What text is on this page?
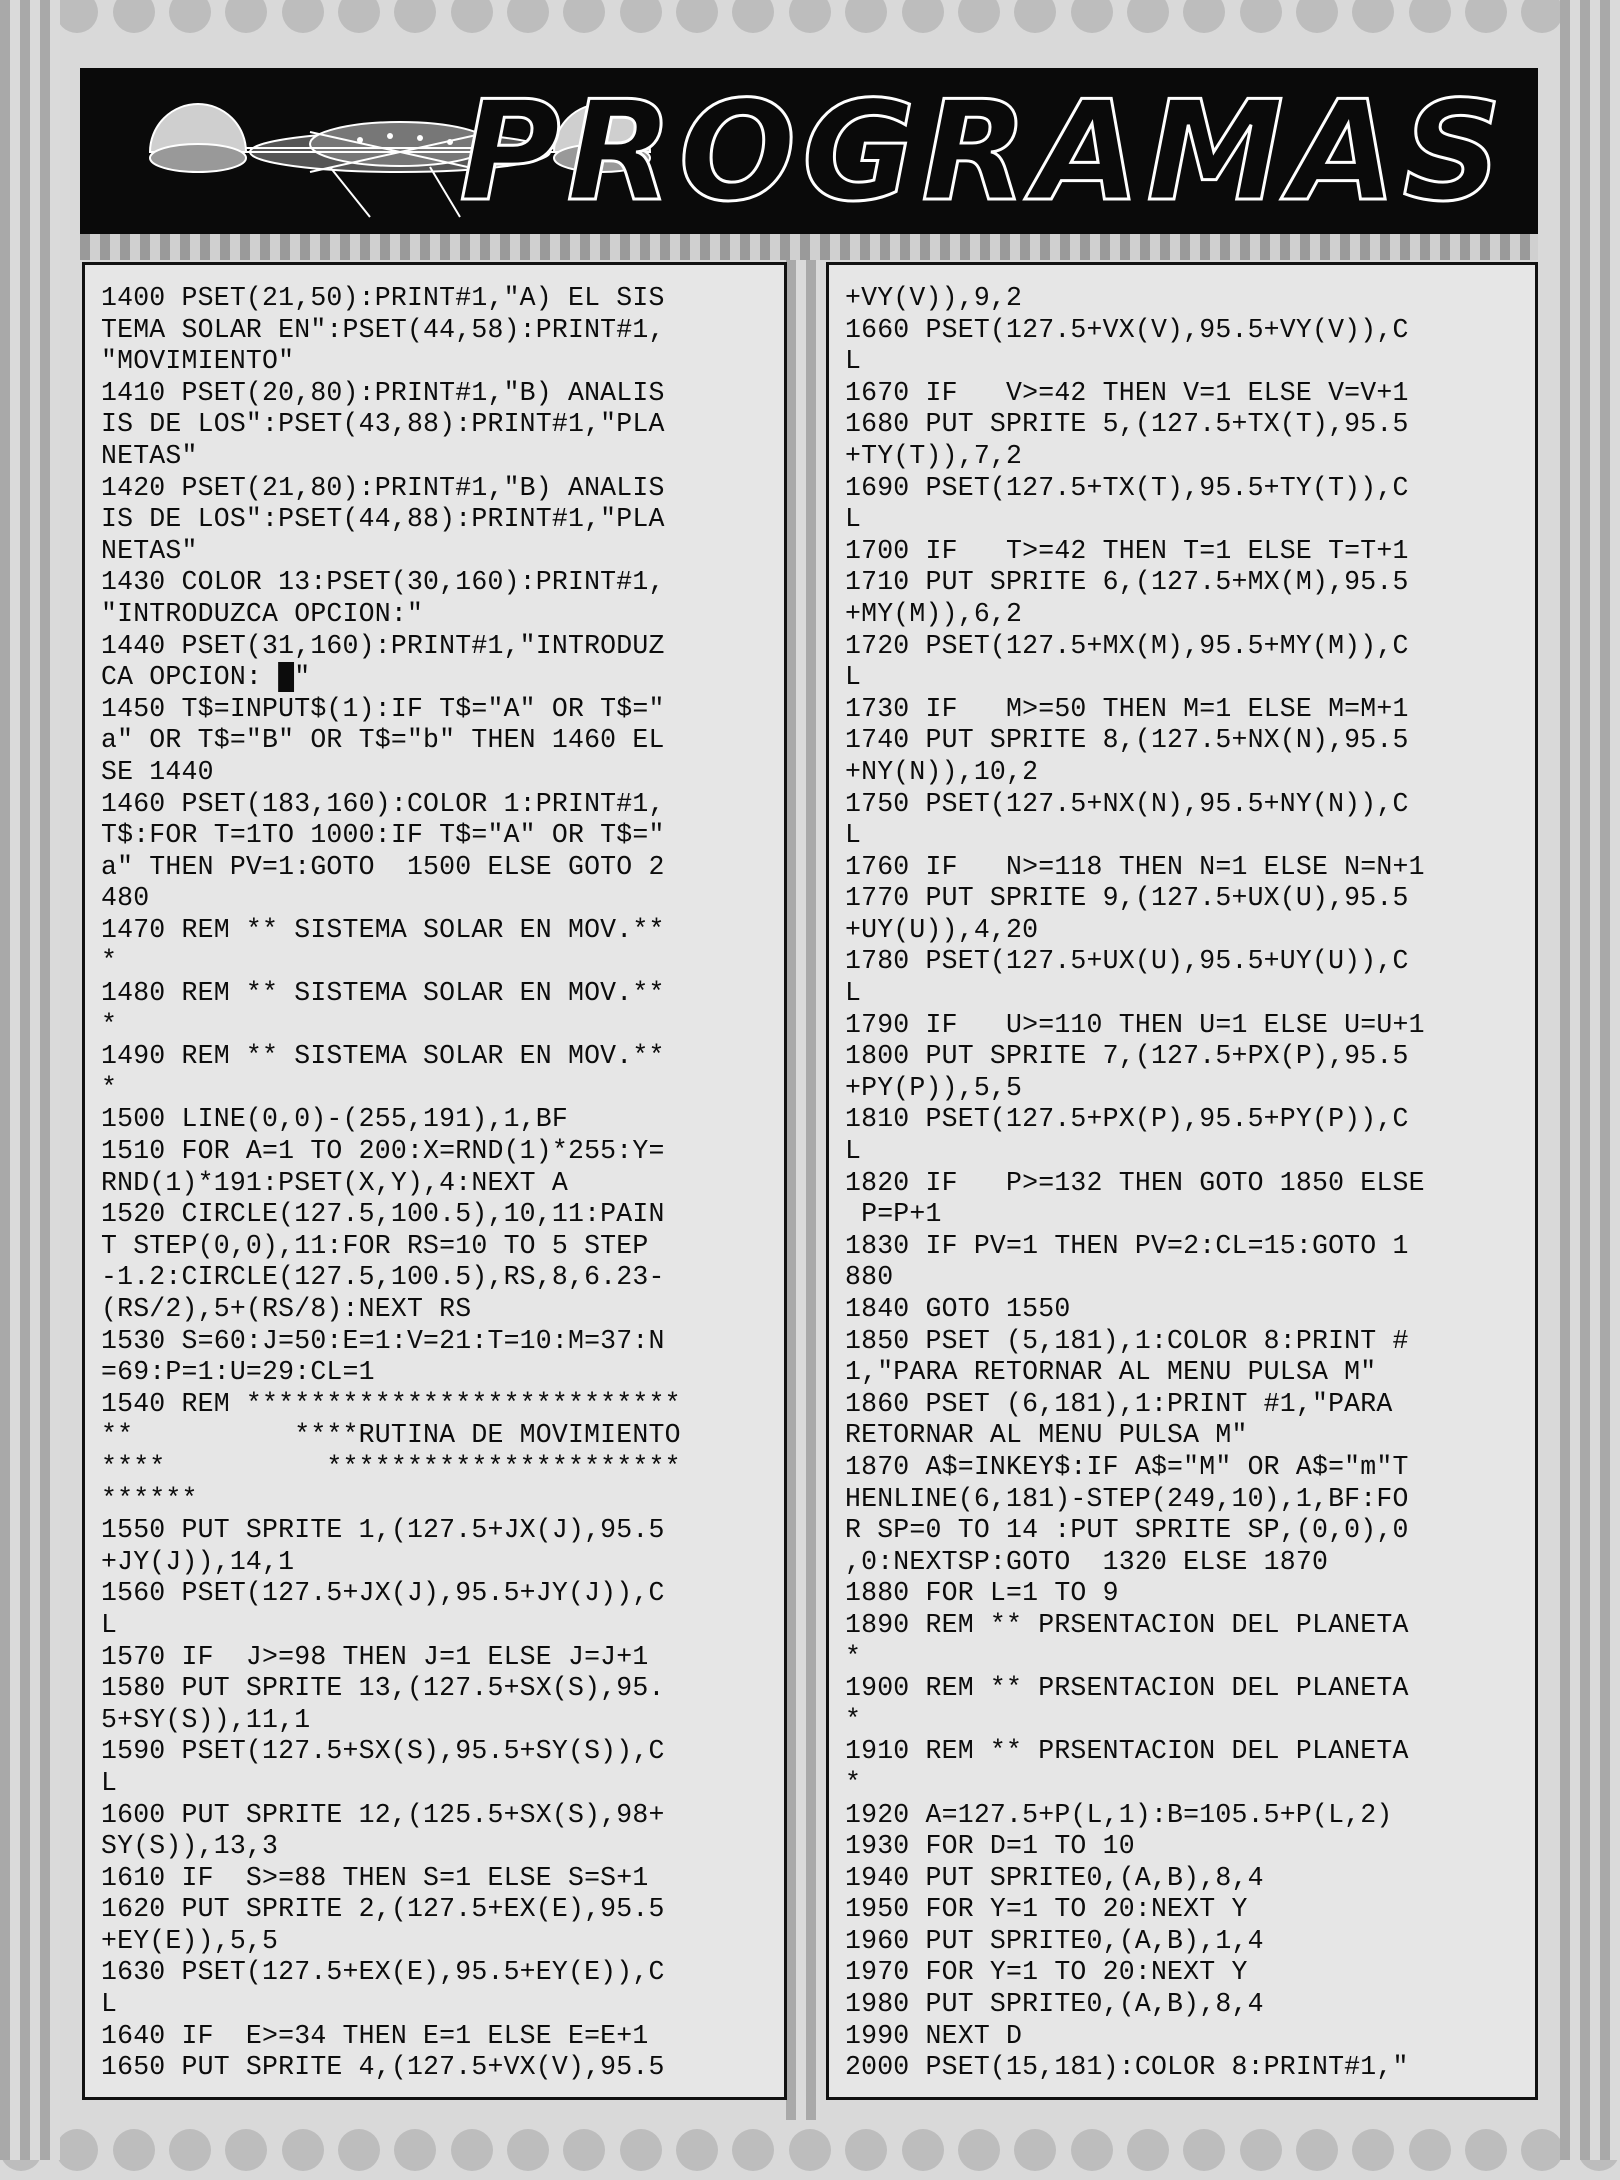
PROGRAMAS
1400 PSET(21,50):PRINT#1,"A) EL SIS
TEMA SOLAR EN":PSET(44,58):PRINT#1,
"MOVIMIENTO"
1410 PSET(20,80):PRINT#1,"B) ANALIS
IS DE LOS":PSET(43,88):PRINT#1,"PLA
NETAS"
1420 PSET(21,80):PRINT#1,"B) ANALIS
IS DE LOS":PSET(44,88):PRINT#1,"PLA
NETAS"
1430 COLOR 13:PSET(30,160):PRINT#1,
"INTRODUZCA OPCION:"
1440 PSET(31,160):PRINT#1,"INTRODUZ
CA OPCION: █"
1450 T$=INPUT$(1):IF T$="A" OR T$="
a" OR T$="B" OR T$="b" THEN 1460 EL
SE 1440
1460 PSET(183,160):COLOR 1:PRINT#1,
T$:FOR T=1TO 1000:IF T$="A" OR T$="
a" THEN PV=1:GOTO  1500 ELSE GOTO 2
480
1470 REM ** SISTEMA SOLAR EN MOV.**
*
1480 REM ** SISTEMA SOLAR EN MOV.**
*
1490 REM ** SISTEMA SOLAR EN MOV.**
*
1500 LINE(0,0)-(255,191),1,BF
1510 FOR A=1 TO 200:X=RND(1)*255:Y=
RND(1)*191:PSET(X,Y),4:NEXT A
1520 CIRCLE(127.5,100.5),10,11:PAIN
T STEP(0,0),11:FOR RS=10 TO 5 STEP
-1.2:CIRCLE(127.5,100.5),RS,8,6.23-
(RS/2),5+(RS/8):NEXT RS
1530 S=60:J=50:E=1:V=21:T=10:M=37:N
=69:P=1:U=29:CL=1
1540 REM ***************************
**          ****RUTINA DE MOVIMIENTO
****          **********************
******
1550 PUT SPRITE 1,(127.5+JX(J),95.5
+JY(J)),14,1
1560 PSET(127.5+JX(J),95.5+JY(J)),C
L
1570 IF  J>=98 THEN J=1 ELSE J=J+1
1580 PUT SPRITE 13,(127.5+SX(S),95.
5+SY(S)),11,1
1590 PSET(127.5+SX(S),95.5+SY(S)),C
L
1600 PUT SPRITE 12,(125.5+SX(S),98+
SY(S)),13,3
1610 IF  S>=88 THEN S=1 ELSE S=S+1
1620 PUT SPRITE 2,(127.5+EX(E),95.5
+EY(E)),5,5
1630 PSET(127.5+EX(E),95.5+EY(E)),C
L
1640 IF  E>=34 THEN E=1 ELSE E=E+1
1650 PUT SPRITE 4,(127.5+VX(V),95.5
+VY(V)),9,2
1660 PSET(127.5+VX(V),95.5+VY(V)),C
L
1670 IF   V>=42 THEN V=1 ELSE V=V+1
1680 PUT SPRITE 5,(127.5+TX(T),95.5
+TY(T)),7,2
1690 PSET(127.5+TX(T),95.5+TY(T)),C
L
1700 IF   T>=42 THEN T=1 ELSE T=T+1
1710 PUT SPRITE 6,(127.5+MX(M),95.5
+MY(M)),6,2
1720 PSET(127.5+MX(M),95.5+MY(M)),C
L
1730 IF   M>=50 THEN M=1 ELSE M=M+1
1740 PUT SPRITE 8,(127.5+NX(N),95.5
+NY(N)),10,2
1750 PSET(127.5+NX(N),95.5+NY(N)),C
L
1760 IF   N>=118 THEN N=1 ELSE N=N+1
1770 PUT SPRITE 9,(127.5+UX(U),95.5
+UY(U)),4,20
1780 PSET(127.5+UX(U),95.5+UY(U)),C
L
1790 IF   U>=110 THEN U=1 ELSE U=U+1
1800 PUT SPRITE 7,(127.5+PX(P),95.5
+PY(P)),5,5
1810 PSET(127.5+PX(P),95.5+PY(P)),C
L
1820 IF   P>=132 THEN GOTO 1850 ELSE
P=P+1
1830 IF PV=1 THEN PV=2:CL=15:GOTO 1
880
1840 GOTO 1550
1850 PSET (5,181),1:COLOR 8:PRINT #
1,"PARA RETORNAR AL MENU PULSA M"
1860 PSET (6,181),1:PRINT #1,"PARA
RETORNAR AL MENU PULSA M"
1870 A$=INKEY$:IF A$="M" OR A$="m"T
HENLINE(6,181)-STEP(249,10),1,BF:FO
R SP=0 TO 14 :PUT SPRITE SP,(0,0),0
,0:NEXTSP:GOTO  1320 ELSE 1870
1880 FOR L=1 TO 9
1890 REM ** PRSENTACION DEL PLANETA
*
1900 REM ** PRSENTACION DEL PLANETA
*
1910 REM ** PRSENTACION DEL PLANETA
*
1920 A=127.5+P(L,1):B=105.5+P(L,2)
1930 FOR D=1 TO 10
1940 PUT SPRITE0,(A,B),8,4
1950 FOR Y=1 TO 20:NEXT Y
1960 PUT SPRITE0,(A,B),1,4
1970 FOR Y=1 TO 20:NEXT Y
1980 PUT SPRITE0,(A,B),8,4
1990 NEXT D
2000 PSET(15,181):COLOR 8:PRINT#1,"
